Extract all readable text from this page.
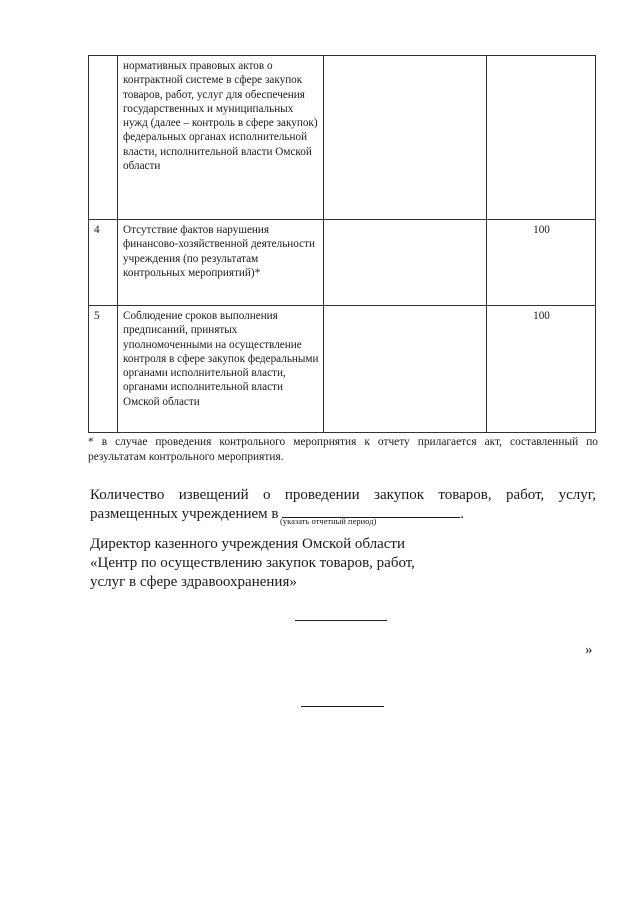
	нормативных правовых актов о контрактной системе в сфере закупок товаров, работ, услуг для обеспечения государственных и муниципальных нужд (далее – контроль в сфере закупок) федеральных органах исполнительной власти, исполнительной власти Омской области		
4	Отсутствие фактов нарушения финансово-хозяйственной деятельности учреждения (по результатам контрольных мероприятий)*		100
5	Соблюдение сроков выполнения предписаний, принятых уполномоченными на осуществление контроля в сфере закупок федеральными органами исполнительной власти, органами исполнительной власти Омской области		100
* в случае проведения контрольного мероприятия к отчету прилагается акт, составленный по результатам контрольного мероприятия.
Количество извещений о проведении закупок товаров, работ, услуг,
размещенных учреждением в	.
(указать отчетный период)
Директор казенного учреждения Омской области
«Центр по осуществлению закупок товаров, работ,
услуг в сфере здравоохранения»
»
